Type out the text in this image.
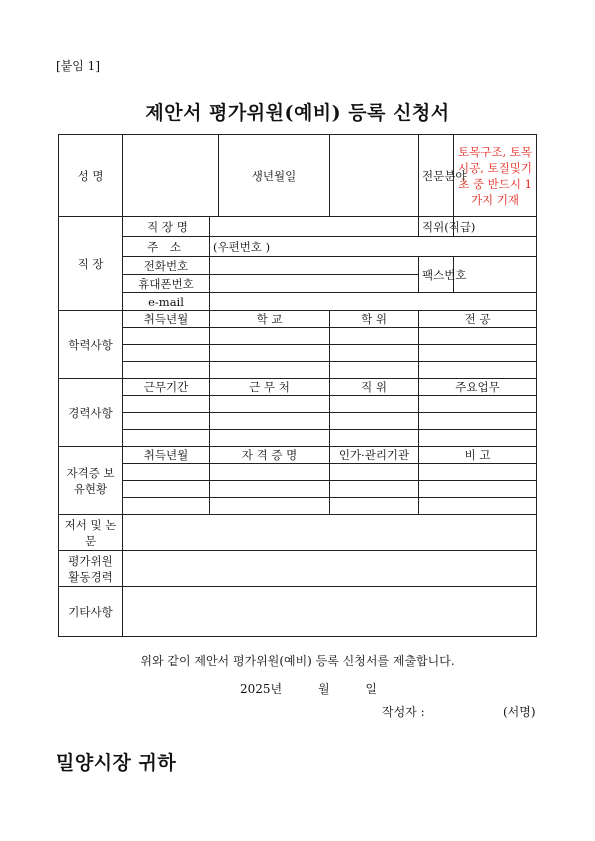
[붙임 1]
제안서 평가위원(예비) 등록 신청서
성 명			생년월일		전문분야	토목구조, 토목시공, 토질및기초 중 반드시 1가지 기재
직 장	직 장 명				직위(직급)	
	주 소	(우편번호 )				
	전화번호				팩스번호	
	휴대폰번호					
	e-mail					
학력사항	취득년월	학 교		학 위	전 공	

경력사항	근무기간	근 무 처		직 위	주요업무	

자격증 보유현황	취득년월	자 격 증 명		인가·관리기관	비 고	

저서 및 논문						
평가위원 활동경력						
기타사항						
위와 같이 제안서 평가위원(예비) 등록 신청서를 제출합니다.
2025년	월	일
작성자 :	(서명)
밀양시장 귀하
